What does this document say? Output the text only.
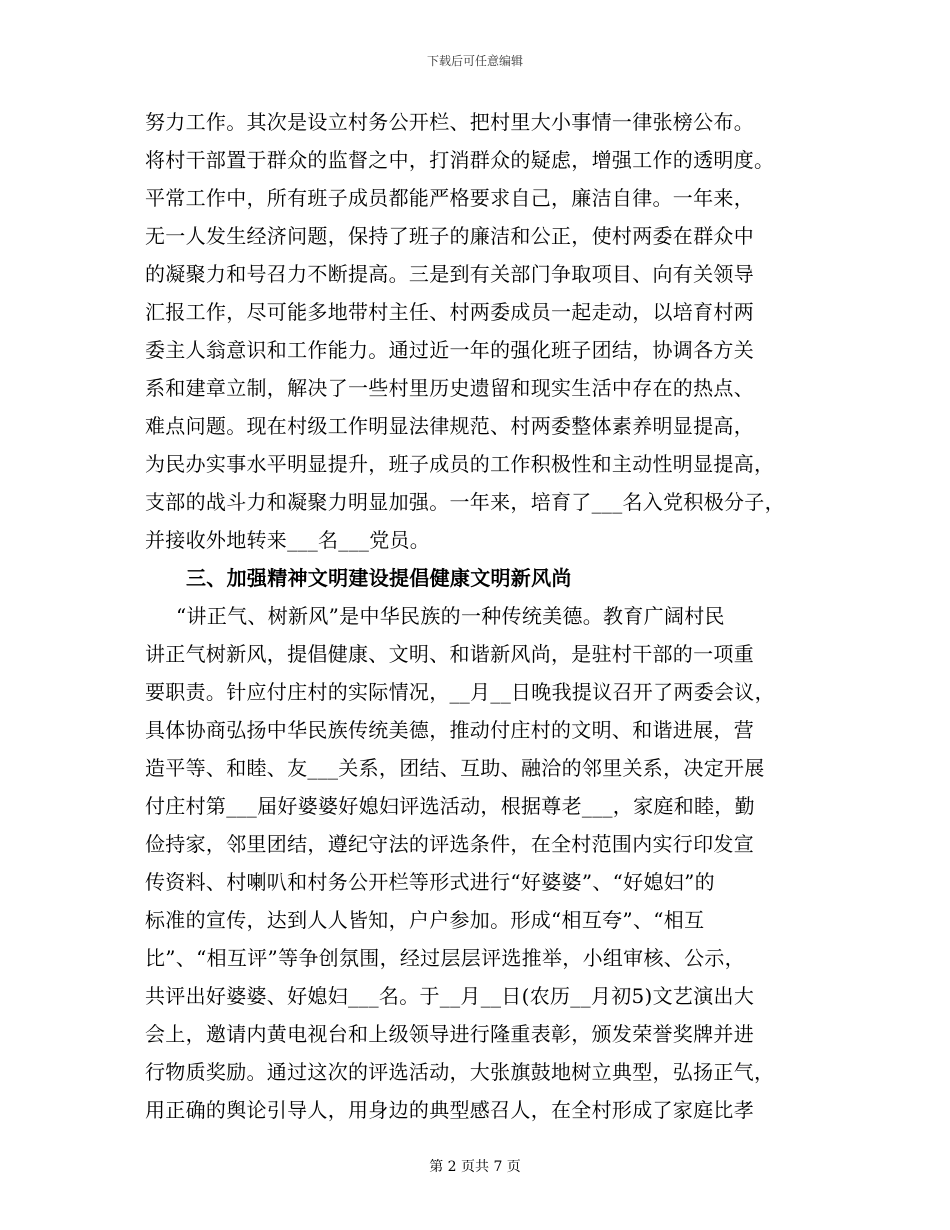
下载后可任意编辑
努力工作。其次是设立村务公开栏、把村里大小事情一律张榜公布。
将村干部置于群众的监督之中，打消群众的疑虑，增强工作的透明度。
平常工作中，所有班子成员都能严格要求自己，廉洁自律。一年来，
无一人发生经济问题，保持了班子的廉洁和公正，使村两委在群众中
的凝聚力和号召力不断提高。三是到有关部门争取项目、向有关领导
汇报工作，尽可能多地带村主任、村两委成员一起走动，以培育村两
委主人翁意识和工作能力。通过近一年的强化班子团结，协调各方关
系和建章立制，解决了一些村里历史遗留和现实生活中存在的热点、
难点问题。现在村级工作明显法律规范、村两委整体素养明显提高，
为民办实事水平明显提升，班子成员的工作积极性和主动性明显提高，
支部的战斗力和凝聚力明显加强。一年来，培育了___名入党积极分子，
并接收外地转来___名___党员。
三、加强精神文明建设提倡健康文明新风尚
“讲正气、树新风”是中华民族的一种传统美德。教育广阔村民
讲正气树新风，提倡健康、文明、和谐新风尚，是驻村干部的一项重
要职责。针应付庄村的实际情况，__月__日晚我提议召开了两委会议，
具体协商弘扬中华民族传统美德，推动付庄村的文明、和谐进展，营
造平等、和睦、友___关系，团结、互助、融洽的邻里关系，决定开展
付庄村第___届好婆婆好媳妇评选活动，根据尊老___，家庭和睦，勤
俭持家，邻里团结，遵纪守法的评选条件，在全村范围内实行印发宣
传资料、村喇叭和村务公开栏等形式进行“好婆婆”、“好媳妇”的
标准的宣传，达到人人皆知，户户参加。形成“相互夸”、“相互
比”、“相互评”等争创氛围，经过层层评选推举，小组审核、公示，
共评出好婆婆、好媳妇___名。于__月__日(农历__月初5)文艺演出大
会上，邀请内黄电视台和上级领导进行隆重表彰，颁发荣誉奖牌并进
行物质奖励。通过这次的评选活动，大张旗鼓地树立典型，弘扬正气，
用正确的舆论引导人，用身边的典型感召人，在全村形成了家庭比孝
第 2 页共 7 页
